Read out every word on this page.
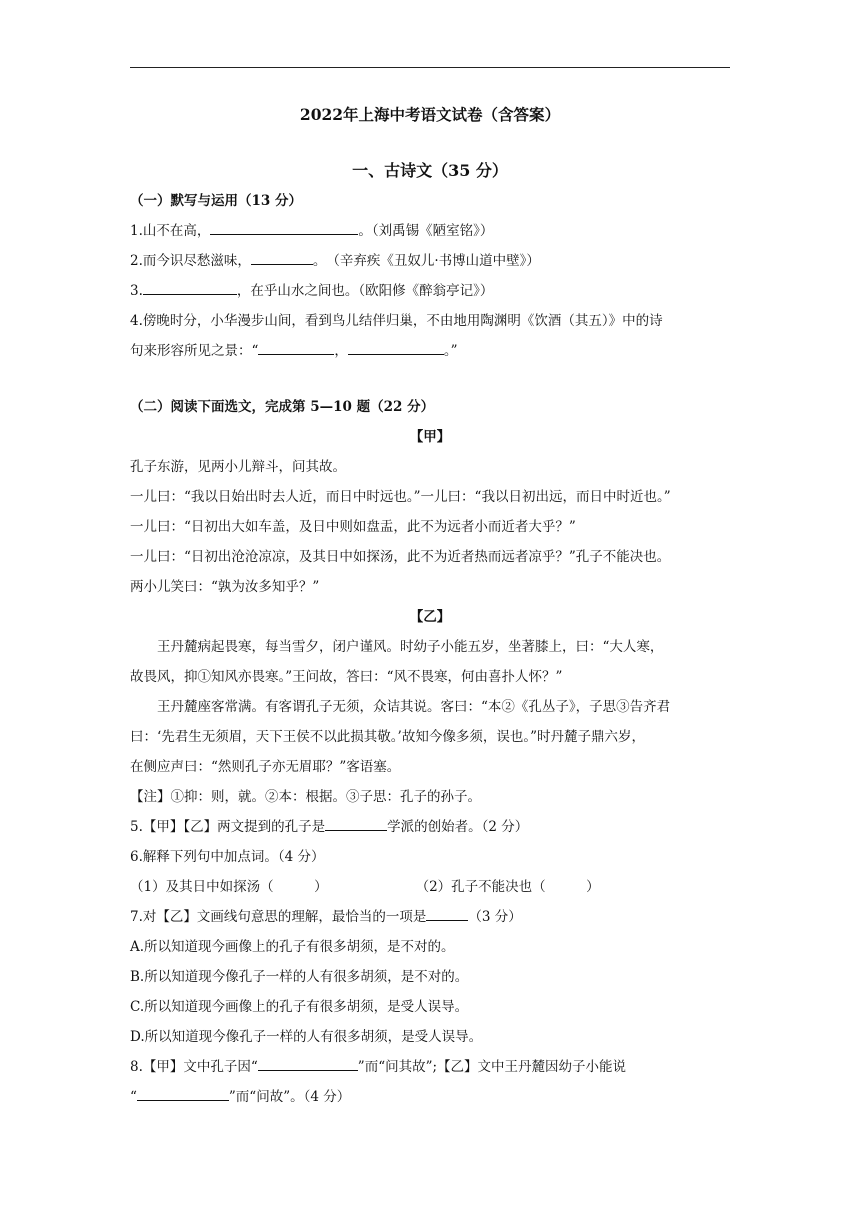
2022年上海中考语文试卷（含答案）
一、古诗文（35 分）
（一）默写与运用（13 分）
1.山不在高，	。（刘禹锡《陋室铭》）
2.而今识尽愁滋味，	。　（辛弃疾《丑奴儿·书博山道中壁》）
3.	，在乎山水之间也。（欧阳修《醉翁亭记》）
4.傍晚时分，小华漫步山间，看到鸟儿结伴归巢，不由地用陶渊明《饮酒（其五）》中的诗
句来形容所见之景：“	，	。”
（二）阅读下面选文，完成第 5—10 题（22 分）
【甲】
孔子东游，见两小儿辩斗，问其故。
一儿曰：“我以日始出时去人近，而日中时远也。”一儿曰：“我以日初出远，而日中时近也。”
一儿曰：“日初出大如车盖，及日中则如盘盂，此不为远者小而近者大乎？”
一儿曰：“日初出沧沧凉凉，及其日中如探汤，此不为近者热而远者凉乎？”孔子不能决也。
两小儿笑曰：“孰为汝多知乎？”
【乙】
王丹麓病起畏寒，每当雪夕，闭户谨风。时幼子小能五岁，坐著膝上，曰：“大人寒，
故畏风，抑①知风亦畏寒。”王问故，答曰：“风不畏寒，何由喜扑人怀？”
王丹麓座客常满。有客谓孔子无须，众诘其说。客曰：“本②《孔丛子》，子思③告齐君
曰：‘先君生无须眉，天下王侯不以此损其敬。’故知今像多须，误也。”时丹麓子鼎六岁，
在侧应声曰：“然则孔子亦无眉耶？”客语塞。
【注】①抑：则，就。②本：根据。③子思：孔子的孙子。
5.【甲】【乙】两文提到的孔子是	学派的创始者。（2 分）
6.解释下列句中加点词。（4 分）
（1）及其日中如探汤（　　　）	（2）孔子不能决也（　　　）
7.对【乙】文画线句意思的理解，最恰当的一项是	（3 分）
A.所以知道现今画像上的孔子有很多胡须，是不对的。
B.所以知道现今像孔子一样的人有很多胡须，是不对的。
C.所以知道现今画像上的孔子有很多胡须，是受人误导。
D.所以知道现今像孔子一样的人有很多胡须，是受人误导。
8.【甲】文中孔子因“	”而“问其故”;【乙】文中王丹麓因幼子小能说
“	”而“问故”。（4 分）
